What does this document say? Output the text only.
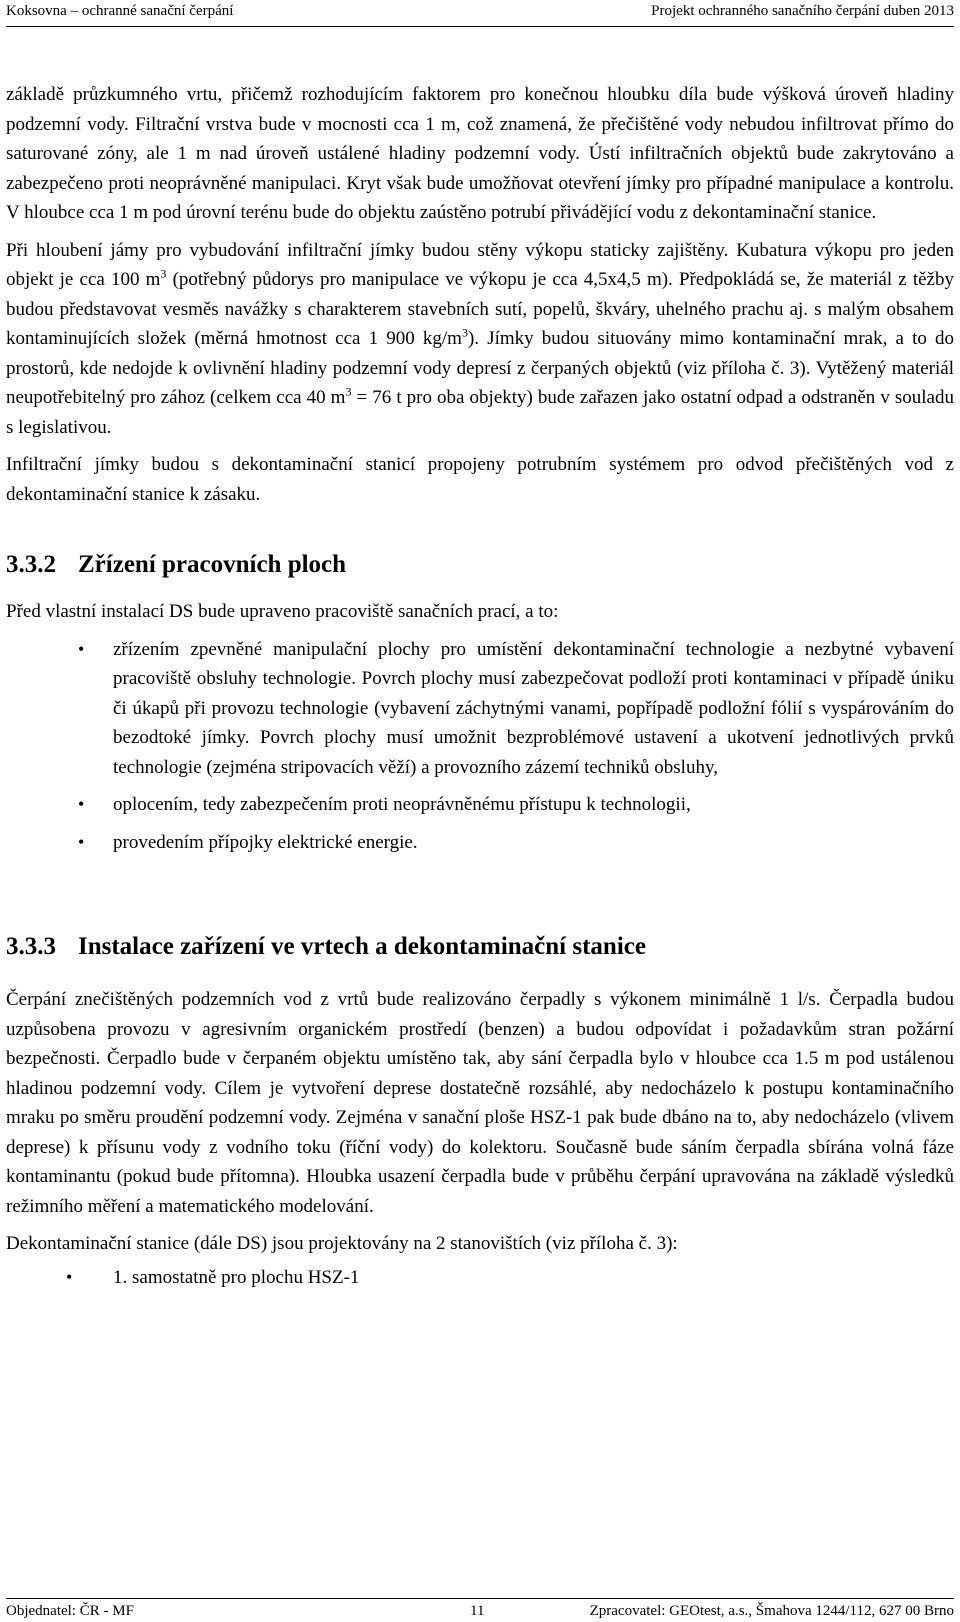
Koksovna – ochranné sanační čerpání	Projekt ochranného sanačního čerpání duben 2013

základě průzkumného vrtu, přičemž rozhodujícím faktorem pro konečnou hloubku díla bude výšková úroveň hladiny podzemní vody. Filtrační vrstva bude v mocnosti cca 1 m, což znamená, že přečištěné vody nebudou infiltrovat přímo do saturované zóny, ale 1 m nad úroveň ustálené hladiny podzemní vody. Ústí infiltračních objektů bude zakrytováno a zabezpečeno proti neoprávněné manipulaci. Kryt však bude umožňovat otevření jímky pro případné manipulace a kontrolu. V hloubce cca 1 m pod úrovní terénu bude do objektu zaústěno potrubí přivádějící vodu z dekontaminační stanice.

Při hloubení jámy pro vybudování infiltrační jímky budou stěny výkopu staticky zajištěny. Kubatura výkopu pro jeden objekt je cca 100 $m^3$ (potřebný půdorys pro manipulace ve výkopu je cca 4,5x4,5 m). Předpokládá se, že materiál z těžby budou představovat vesměs navážky s charakterem stavebních sutí, popelů, škváry, uhelného prachu aj. s malým obsahem kontaminujících složek (měrná hmotnost cca 1 900 $kg/m^3$). Jímky budou situovány mimo kontaminační mrak, a to do prostorů, kde nedojde k ovlivnění hladiny podzemní vody depresí z čerpaných objektů (viz příloha č. 3). Vytěžený materiál neupotřebitelný pro zához (celkem cca 40 $m^3 = 76$ t pro oba objekty) bude zařazen jako ostatní odpad a odstraněn v souladu s legislativou.

Infiltrační jímky budou s dekontaminační stanicí propojeny potrubním systémem pro odvod přečištěných vod z dekontaminační stanice k zásaku.

3.3.2 Zřízení pracovních ploch

Před vlastní instalací DS bude upraveno pracoviště sanačních prací, a to:

• zřízením zpevněné manipulační plochy pro umístění dekontaminační technologie a nezbytné vybavení pracoviště obsluhy technologie. Povrch plochy musí zabezpečovat podloží proti kontaminaci v případě úniku či úkapů při provozu technologie (vybavení záchytnými vanami, popřípadě podložní fólií s vyspárováním do bezodtoké jímky. Povrch plochy musí umožnit bezproblémové ustavení a ukotvení jednotlivých prvků technologie (zejména stripovacích věží) a provozního zázemí techniků obsluhy,
• oplocením, tedy zabezpečením proti neoprávněnému přístupu k technologii,
• provedením přípojky elektrické energie.
3.3.3 Instalace zařízení ve vrtech a dekontaminační stanice

Čerpání znečištěných podzemních vod z vrtů bude realizováno čerpadly s výkonem minimálně 1 l/s. Čerpadla budou uzpůsobena provozu v agresivním organickém prostředí (benzen) a budou odpovídat i požadavkům stran požární bezpečnosti. Čerpadlo bude v čerpaném objektu umístěno tak, aby sání čerpadla bylo v hloubce cca 1.5 m pod ustálenou hladinou podzemní vody. Cílem je vytvoření deprese dostatečně rozsáhlé, aby nedocházelo k postupu kontaminačního mraku po směru proudění podzemní vody. Zejména v sanační ploše HSZ-1 pak bude dbáno na to, aby nedocházelo (vlivem deprese) k přísunu vody z vodního toku (říční vody) do kolektoru. Současně bude sáním čerpadla sbírána volná fáze kontaminantu (pokud bude přítomna). Hloubka usazení čerpadla bude v průběhu čerpání upravována na základě výsledků režimního měření a matematického modelování.

Dekontaminační stanice (dále DS) jsou projektovány na 2 stanovištích (viz příloha č. 3):

• 1. samostatně pro plochu HSZ-1
Objednatel: ČR - MF	11	Zpracovatel: GEOtest, a.s., Šmahova 1244/112, 627 00 Brno
